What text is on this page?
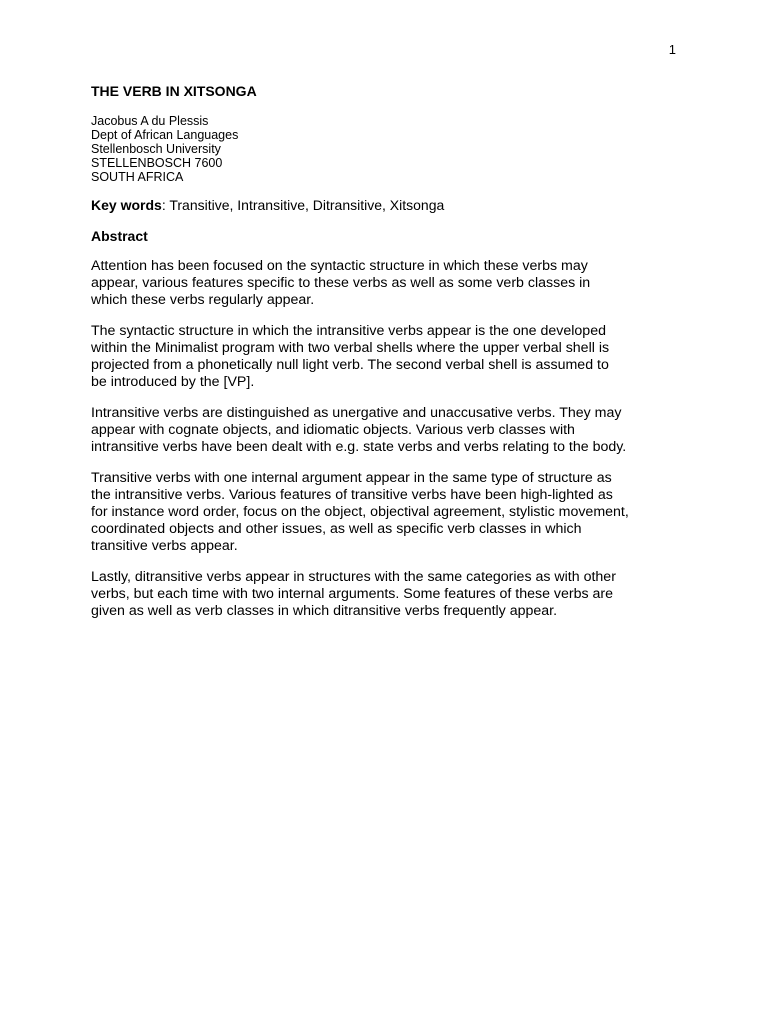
1
THE VERB IN XITSONGA
Jacobus A du Plessis
Dept of African Languages
Stellenbosch University
STELLENBOSCH 7600
SOUTH AFRICA
Key words: Transitive, Intransitive, Ditransitive, Xitsonga
Abstract
Attention has been focused on the syntactic structure in which these verbs may
appear, various features specific to these verbs as well as some verb classes in
which these verbs regularly appear.
The syntactic structure in which the intransitive verbs appear is the one developed
within the Minimalist program with two verbal shells where the upper verbal shell is
projected from a phonetically null light verb. The second verbal shell is assumed to
be introduced by the [VP].
Intransitive verbs are distinguished as unergative and unaccusative verbs. They may
appear with cognate objects, and idiomatic objects. Various verb classes with
intransitive verbs have been dealt with e.g. state verbs and verbs relating to the body.
Transitive verbs with one internal argument appear in the same type of structure as
the intransitive verbs. Various features of transitive verbs have been high-lighted as
for instance word order, focus on the object, objectival agreement, stylistic movement,
coordinated objects and other issues, as well as specific verb classes in which
transitive verbs appear.
Lastly, ditransitive verbs appear in structures with the same categories as with other
verbs, but each time with two internal arguments. Some features of these verbs are
given as well as verb classes in which ditransitive verbs frequently appear.
